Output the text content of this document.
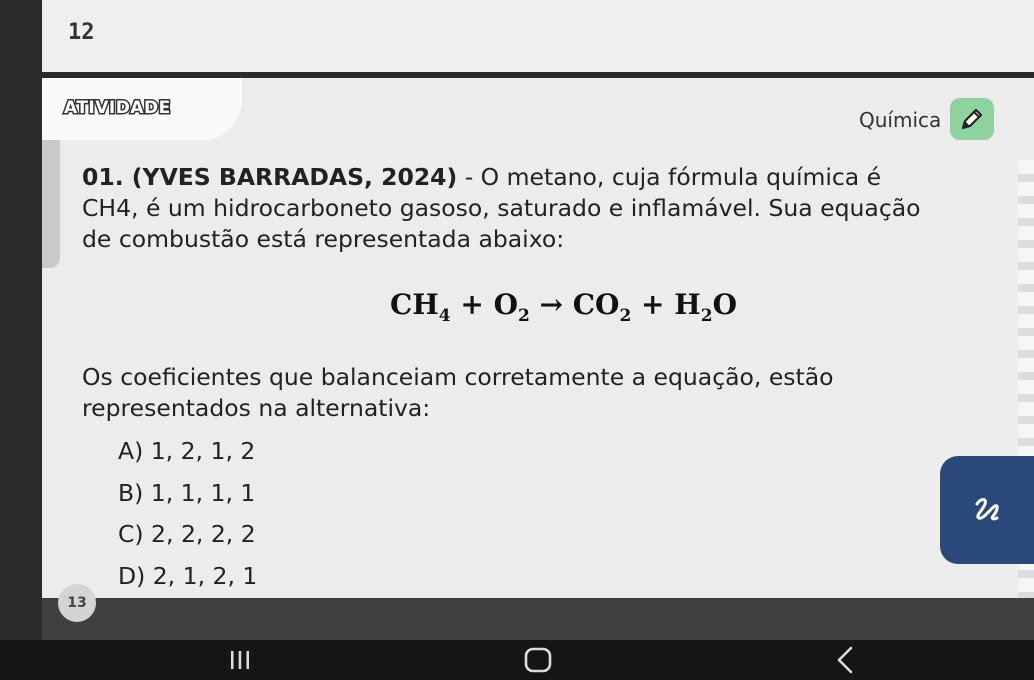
12
ATIVIDADE	Química
01. (YVES BARRADAS, 2024) - O metano, cuja fórmula química é CH4, é um hidrocarboneto gasoso, saturado e inflamável. Sua equação de combustão está representada abaixo:
$CH_4 + O_2 \to CO_2 + H_2O$
Os coeficientes que balanceiam corretamente a equação, estão representados na alternativa:
A) 1, 2, 1, 2
B) 1, 1, 1, 1
C) 2, 2, 2, 2
D) 2, 1, 2, 1
13
